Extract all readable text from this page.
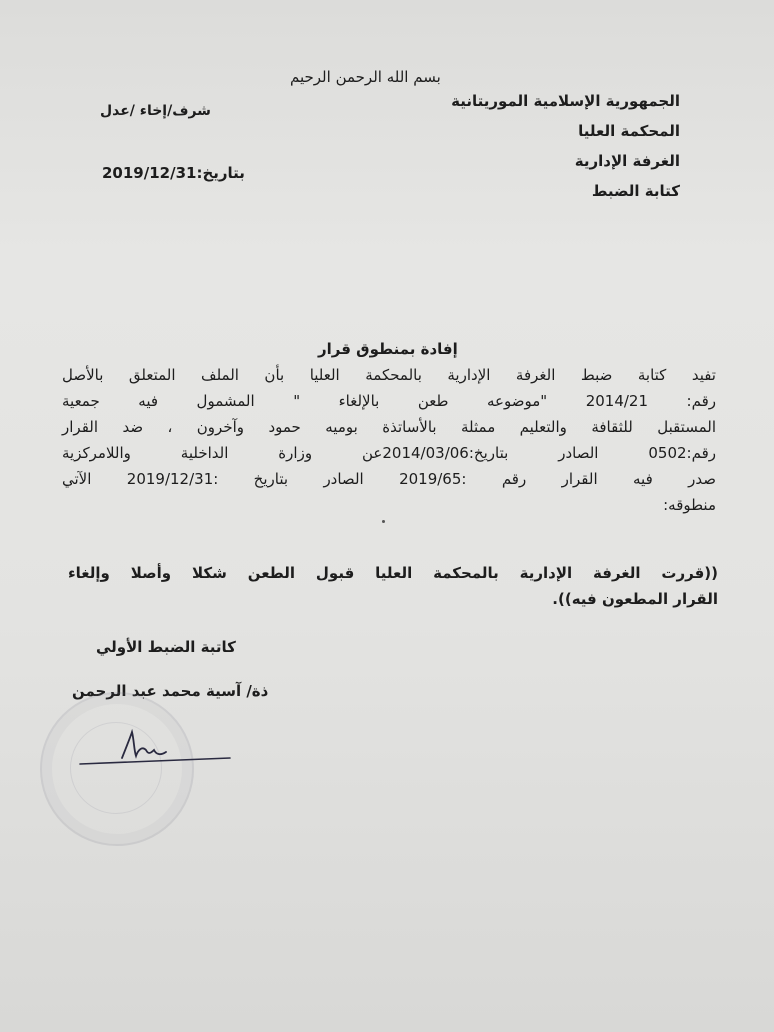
بسم الله الرحمن الرحيم
الجمهورية الإسلامية الموريتانية
المحكمة العليا
الغرفة الإدارية
كتابة الضبط
شرف/إخاء /عدل
بتاريخ:2019/12/31
إفادة بمنطوق قرار
تفيد كتابة ضبط الغرفة الإدارية بالمحكمة العليا بأن الملف المتعلق بالأصل
رقم: 2014/21 "موضوعه طعن بالإلغاء " المشمول فيه جمعية
المستقبل للثقافة والتعليم ممثلة بالأساتذة بوميه حمود وآخرون ، ضد القرار
رقم:0502 الصادر بتاريخ:2014/03/06عن وزارة الداخلية واللامركزية
صدر فيه القرار رقم :2019/65 الصادر بتاريخ :2019/12/31 الآتي
منطوقه:
((قررت الغرفة الإدارية بالمحكمة العليا قبول الطعن شكلا وأصلا وإلغاء
القرار المطعون فيه)).
كاتبة الضبط الأولي
ذة/ آسية محمد عبد الرحمن
